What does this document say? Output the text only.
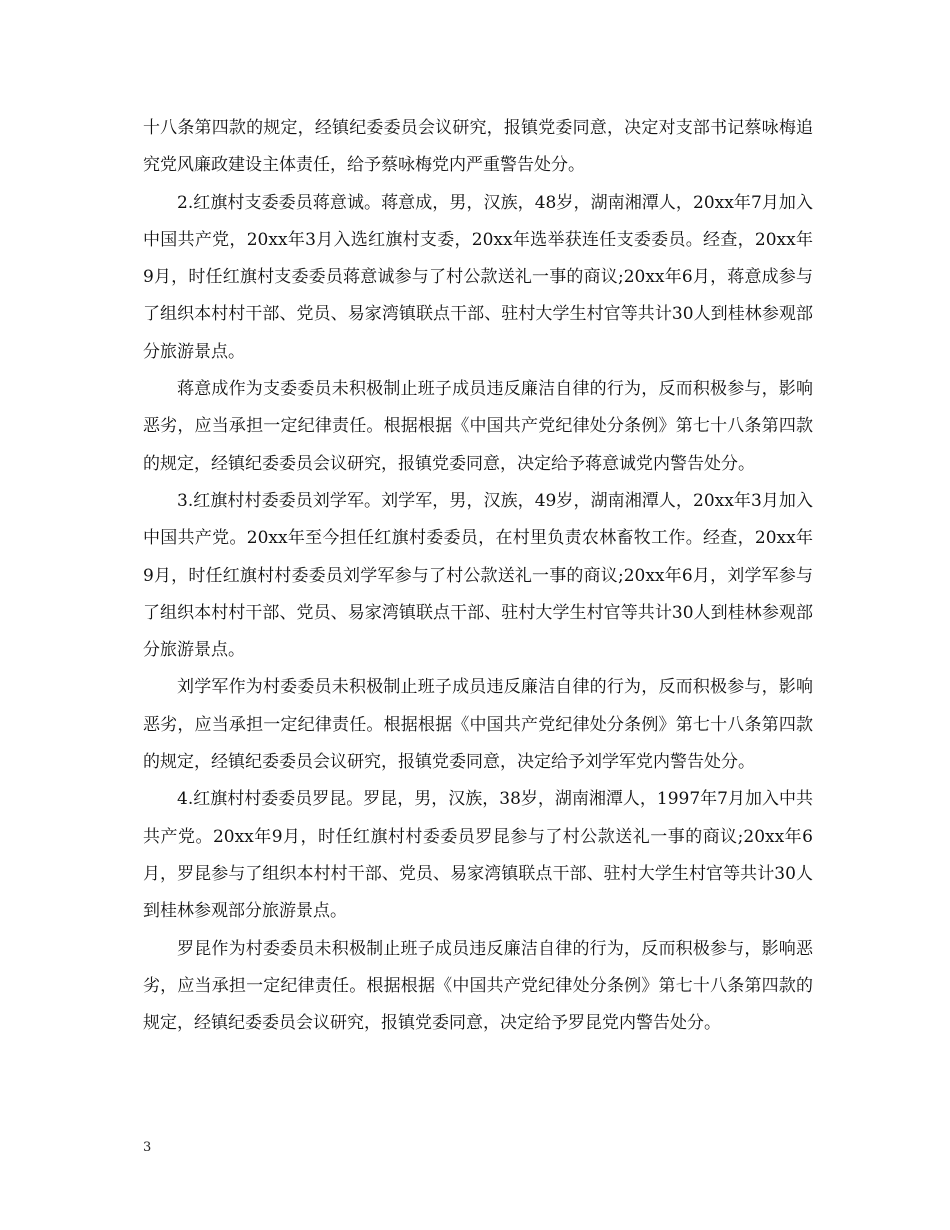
十八条第四款的规定，经镇纪委委员会议研究，报镇党委同意，决定对支部书记蔡咏梅追究党风廉政建设主体责任，给予蔡咏梅党内严重警告处分。

2.红旗村支委委员蒋意诚。蒋意成，男，汉族，48岁，湖南湘潭人，20xx年7月加入中国共产党，20xx年3月入选红旗村支委，20xx年选举获连任支委委员。经查，20xx年9月，时任红旗村支委委员蒋意诚参与了村公款送礼一事的商议;20xx年6月，蒋意成参与了组织本村村干部、党员、易家湾镇联点干部、驻村大学生村官等共计30人到桂林参观部分旅游景点。

蒋意成作为支委委员未积极制止班子成员违反廉洁自律的行为，反而积极参与，影响恶劣，应当承担一定纪律责任。根据根据《中国共产党纪律处分条例》第七十八条第四款的规定，经镇纪委委员会议研究，报镇党委同意，决定给予蒋意诚党内警告处分。

3.红旗村村委委员刘学军。刘学军，男，汉族，49岁，湖南湘潭人，20xx年3月加入中国共产党。20xx年至今担任红旗村委委员，在村里负责农林畜牧工作。经查，20xx年9月，时任红旗村村委委员刘学军参与了村公款送礼一事的商议;20xx年6月，刘学军参与了组织本村村干部、党员、易家湾镇联点干部、驻村大学生村官等共计30人到桂林参观部分旅游景点。

刘学军作为村委委员未积极制止班子成员违反廉洁自律的行为，反而积极参与，影响恶劣，应当承担一定纪律责任。根据根据《中国共产党纪律处分条例》第七十八条第四款的规定，经镇纪委委员会议研究，报镇党委同意，决定给予刘学军党内警告处分。

4.红旗村村委委员罗昆。罗昆，男，汉族，38岁，湖南湘潭人，1997年7月加入中共共产党。20xx年9月，时任红旗村村委委员罗昆参与了村公款送礼一事的商议;20xx年6月，罗昆参与了组织本村村干部、党员、易家湾镇联点干部、驻村大学生村官等共计30人到桂林参观部分旅游景点。

罗昆作为村委委员未积极制止班子成员违反廉洁自律的行为，反而积极参与，影响恶劣，应当承担一定纪律责任。根据根据《中国共产党纪律处分条例》第七十八条第四款的规定，经镇纪委委员会议研究，报镇党委同意，决定给予罗昆党内警告处分。

3
